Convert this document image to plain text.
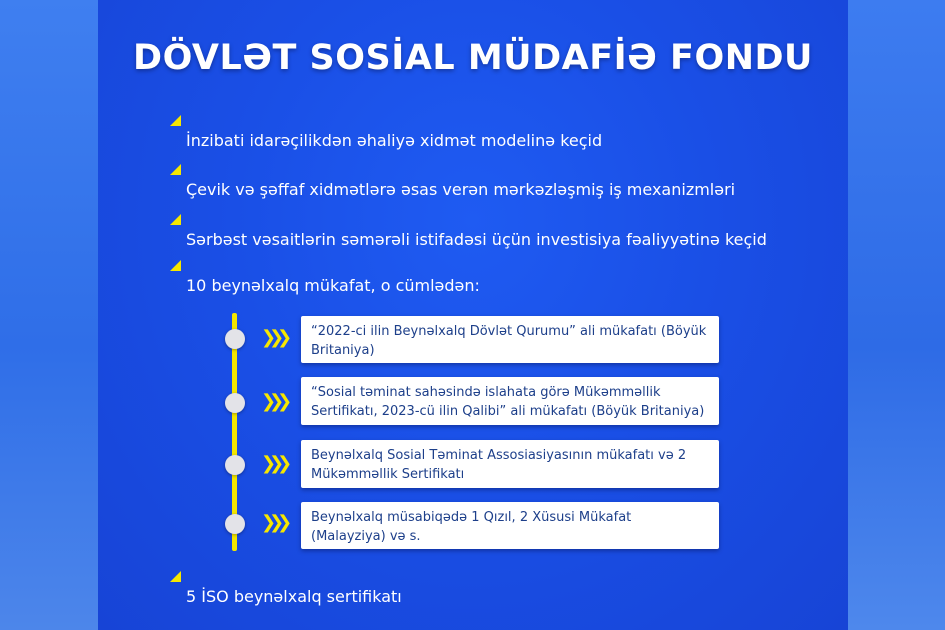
DÖVLƏT SOSİAL MÜDAFİƏ FONDU
İnzibati idarəçilikdən əhaliyə xidmət modelinə keçid
Çevik və şəffaf xidmətlərə əsas verən mərkəzləşmiş iş mexanizmləri
Sərbəst vəsaitlərin səmərəli istifadəsi üçün investisiya fəaliyyətinə keçid
10 beynəlxalq mükafat, o cümlədən:
❯❯❯	“2022-ci ilin Beynəlxalq Dövlət Qurumu” ali mükafatı (Böyük Britaniya)
❯❯❯	“Sosial təminat sahəsində islahata görə Mükəmməllik Sertifikatı, 2023-cü ilin Qalibi” ali mükafatı (Böyük Britaniya)
❯❯❯	Beynəlxalq Sosial Təminat Assosiasiyasının mükafatı və 2 Mükəmməllik Sertifikatı
❯❯❯	Beynəlxalq müsabiqədə 1 Qızıl, 2 Xüsusi Mükafat (Malayziya) və s.
5 İSO beynəlxalq sertifikatı
